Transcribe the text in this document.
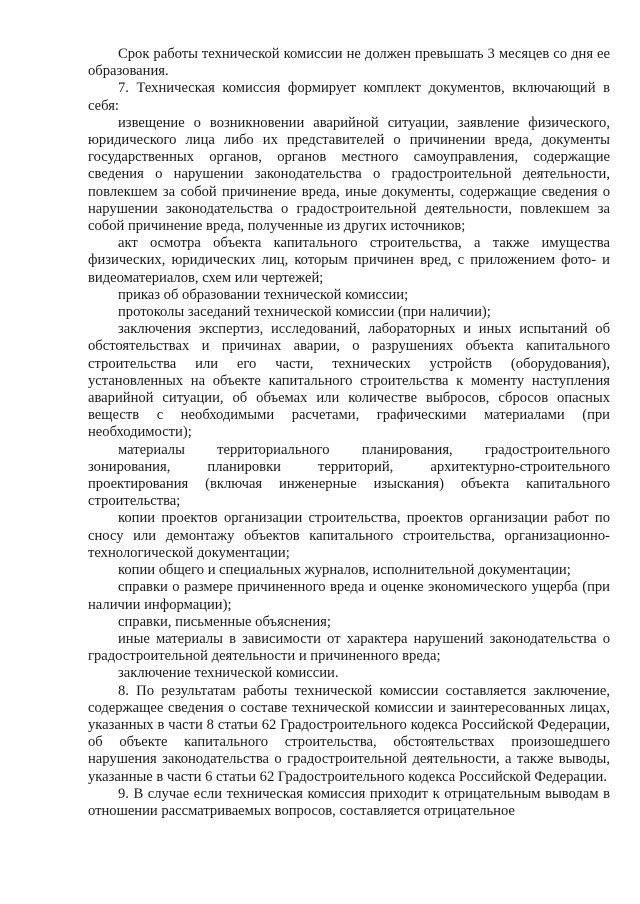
Срок работы технической комиссии не должен превышать 3 месяцев со дня ее образования.

7. Техническая комиссия формирует комплект документов, включающий в себя:

извещение о возникновении аварийной ситуации, заявление физического, юридического лица либо их представителей о причинении вреда, документы государственных органов, органов местного самоуправления, содержащие сведения о нарушении законодательства о градостроительной деятельности, повлекшем за собой причинение вреда, иные документы, содержащие сведения о нарушении законодательства о градостроительной деятельности, повлекшем за собой причинение вреда, полученные из других источников;

акт осмотра объекта капитального строительства, а также имущества физических, юридических лиц, которым причинен вред, с приложением фото- и видеоматериалов, схем или чертежей;

приказ об образовании технической комиссии;

протоколы заседаний технической комиссии (при наличии);

заключения экспертиз, исследований, лабораторных и иных испытаний об обстоятельствах и причинах аварии, о разрушениях объекта капитального строительства или его части, технических устройств (оборудования), установленных на объекте капитального строительства к моменту наступления аварийной ситуации, об объемах или количестве выбросов, сбросов опасных веществ с необходимыми расчетами, графическими материалами (при необходимости);

материалы территориального планирования, градостроительного зонирования, планировки территорий, архитектурно-строительного проектирования (включая инженерные изыскания) объекта капитального строительства;

копии проектов организации строительства, проектов организации работ по сносу или демонтажу объектов капитального строительства, организационно-технологической документации;

копии общего и специальных журналов, исполнительной документации;

справки о размере причиненного вреда и оценке экономического ущерба (при наличии информации);

справки, письменные объяснения;

иные материалы в зависимости от характера нарушений законодательства о градостроительной деятельности и причиненного вреда;

заключение технической комиссии.

8. По результатам работы технической комиссии составляется заключение, содержащее сведения о составе технической комиссии и заинтересованных лицах, указанных в части 8 статьи 62 Градостроительного кодекса Российской Федерации, об объекте капитального строительства, обстоятельствах произошедшего нарушения законодательства о градостроительной деятельности, а также выводы, указанные в части 6 статьи 62 Градостроительного кодекса Российской Федерации.

9. В случае если техническая комиссия приходит к отрицательным выводам в отношении рассматриваемых вопросов, составляется отрицательное
